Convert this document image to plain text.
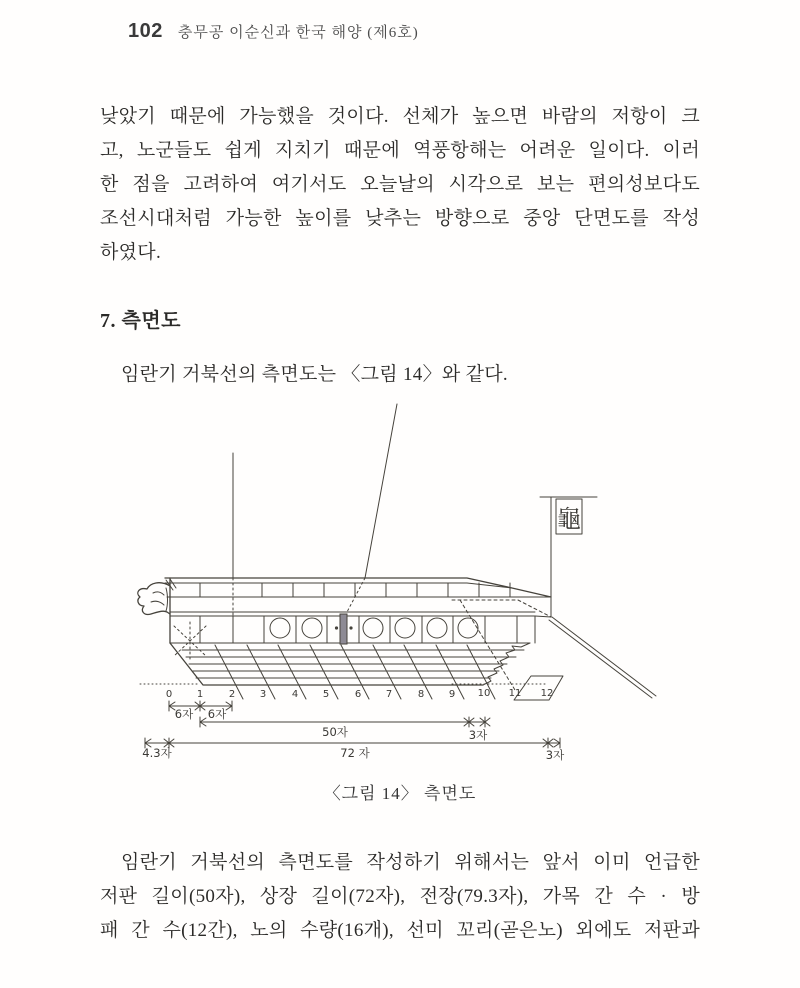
102 충무공 이순신과 한국 해양 (제6호)
낮았기 때문에 가능했을 것이다. 선체가 높으면 바람의 저항이 크
고, 노군들도 쉽게 지치기 때문에 역풍항해는 어려운 일이다. 이러
한 점을 고려하여 여기서도 오늘날의 시각으로 보는 편의성보다도
조선시대처럼 가능한 높이를 낮추는 방향으로 중앙 단면도를 작성
하였다.
7. 측면도
임란기 거북선의 측면도는 〈그림 14〉와 같다.
龜
0 1	2 3	4 5	6 7	8 9 10 11 12
6자 6자
50자	3자
4.3자	72 자	3자
〈그림 14〉 측면도
임란기 거북선의 측면도를 작성하기 위해서는 앞서 이미 언급한
저판 길이(50자), 상장 길이(72자), 전장(79.3자), 가목 간 수 · 방
패 간 수(12간), 노의 수량(16개), 선미 꼬리(곧은노) 외에도 저판과
